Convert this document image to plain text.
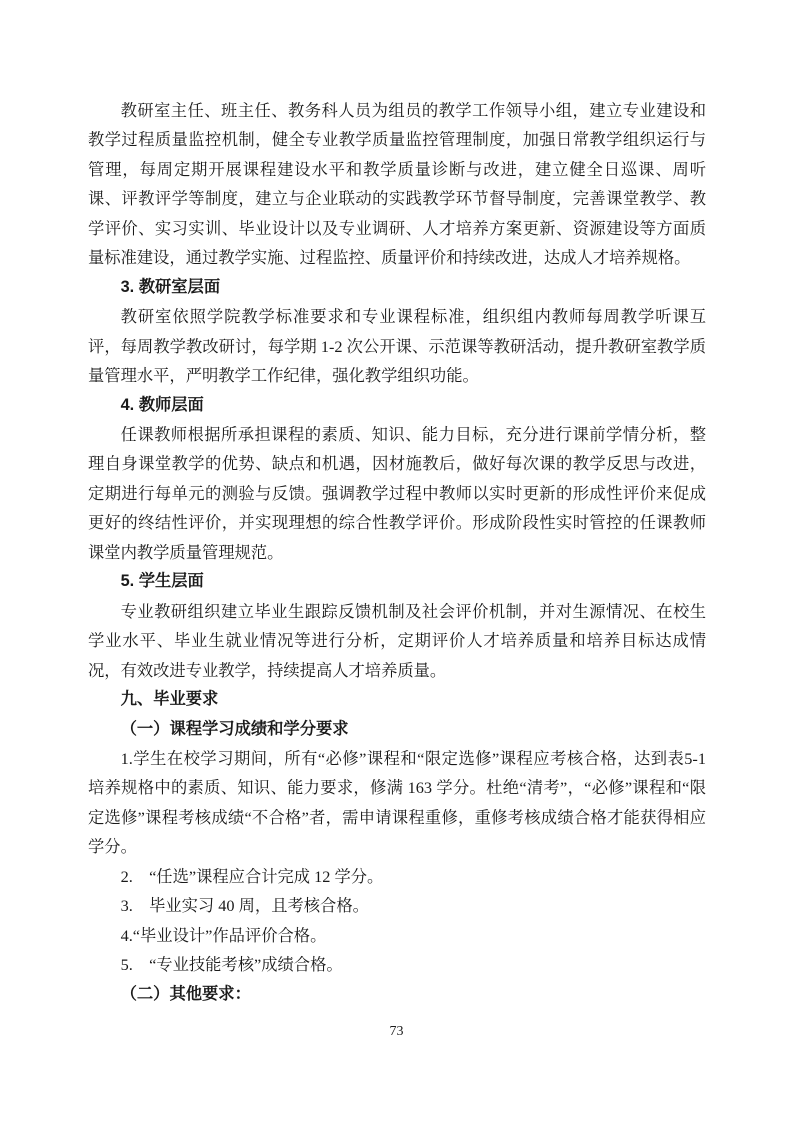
教研室主任、班主任、教务科人员为组员的教学工作领导小组，建立专业建设和教学过程质量监控机制，健全专业教学质量监控管理制度，加强日常教学组织运行与管理，每周定期开展课程建设水平和教学质量诊断与改进，建立健全日巡课、周听课、评教评学等制度，建立与企业联动的实践教学环节督导制度，完善课堂教学、教学评价、实习实训、毕业设计以及专业调研、人才培养方案更新、资源建设等方面质量标准建设，通过教学实施、过程监控、质量评价和持续改进，达成人才培养规格。

3. 教研室层面

教研室依照学院教学标准要求和专业课程标准，组织组内教师每周教学听课互评，每周教学教改研讨，每学期 1-2 次公开课、示范课等教研活动，提升教研室教学质量管理水平，严明教学工作纪律，强化教学组织功能。

4. 教师层面

任课教师根据所承担课程的素质、知识、能力目标，充分进行课前学情分析，整理自身课堂教学的优势、缺点和机遇，因材施教后，做好每次课的教学反思与改进，定期进行每单元的测验与反馈。强调教学过程中教师以实时更新的形成性评价来促成更好的终结性评价，并实现理想的综合性教学评价。形成阶段性实时管控的任课教师课堂内教学质量管理规范。

5. 学生层面

专业教研组织建立毕业生跟踪反馈机制及社会评价机制，并对生源情况、在校生学业水平、毕业生就业情况等进行分析，定期评价人才培养质量和培养目标达成情况，有效改进专业教学，持续提高人才培养质量。

九、毕业要求

（一）课程学习成绩和学分要求

1.学生在校学习期间，所有“必修”课程和“限定选修”课程应考核合格，达到表5-1 培养规格中的素质、知识、能力要求，修满 163 学分。杜绝“清考”，“必修”课程和“限定选修”课程考核成绩“不合格”者，需申请课程重修，重修考核成绩合格才能获得相应学分。

2.　“任选”课程应合计完成 12 学分。

3.　毕业实习 40 周，且考核合格。

4.“毕业设计”作品评价合格。

5.　“专业技能考核”成绩合格。

（二）其他要求：

73
